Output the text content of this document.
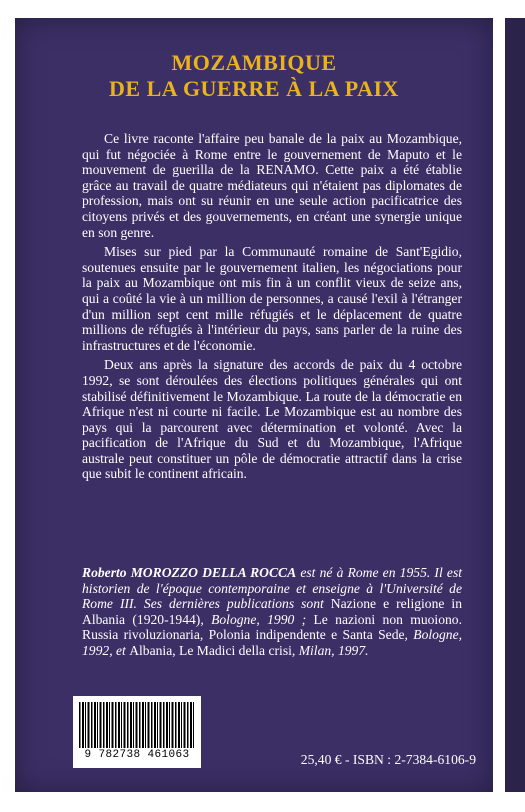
MOZAMBIQUE
DE LA GUERRE À LA PAIX

Ce livre raconte l'affaire peu banale de la paix au Mozambique, qui fut négociée à Rome entre le gouvernement de Maputo et le mouvement de guerilla de la RENAMO. Cette paix a été établie grâce au travail de quatre médiateurs qui n'étaient pas diplomates de profession, mais ont su réunir en une seule action pacificatrice des citoyens privés et des gouvernements, en créant une synergie unique en son genre.

Mises sur pied par la Communauté romaine de Sant'Egidio, soutenues ensuite par le gouvernement italien, les négociations pour la paix au Mozambique ont mis fin à un conflit vieux de seize ans, qui a coûté la vie à un million de personnes, a causé l'exil à l'étranger d'un million sept cent mille réfugiés et le déplacement de quatre millions de réfugiés à l'intérieur du pays, sans parler de la ruine des infrastructures et de l'économie.

Deux ans après la signature des accords de paix du 4 octobre 1992, se sont déroulées des élections politiques générales qui ont stabilisé définitivement le Mozambique. La route de la démocratie en Afrique n'est ni courte ni facile. Le Mozambique est au nombre des pays qui la parcourent avec détermination et volonté. Avec la pacification de l'Afrique du Sud et du Mozambique, l'Afrique australe peut constituer un pôle de démocratie attractif dans la crise que subit le continent africain.

Roberto MOROZZO DELLA ROCCA est né à Rome en 1955. Il est historien de l'époque contemporaine et enseigne à l'Université de Rome III. Ses dernières publications sont Nazione e religione in Albania (1920-1944), Bologne, 1990 ; Le nazioni non muoiono. Russia rivoluzionaria, Polonia indipendente e Santa Sede, Bologne, 1992, et Albania, Le Madici della crisi, Milan, 1997.
9 782738 461063	25,40 € - ISBN : 2-7384-6106-9
